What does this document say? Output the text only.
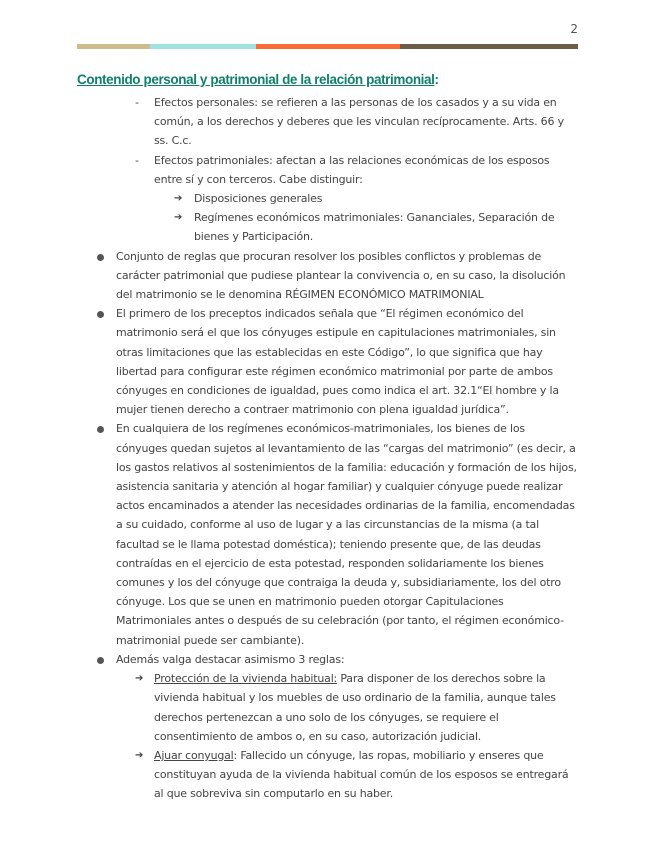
2
Contenido personal y patrimonial de la relación patrimonial:
- Efectos personales: se refieren a las personas de los casados y a su vida en común, a los derechos y deberes que les vinculan recíprocamente. Arts. 66 y ss. C.c.
- Efectos patrimoniales: afectan a las relaciones económicas de los esposos entre sí y con terceros. Cabe distinguir:
➔ Disposiciones generales
➔ Regímenes económicos matrimoniales: Gananciales, Separación de bienes y Participación.
Conjunto de reglas que procuran resolver los posibles conflictos y problemas de carácter patrimonial que pudiese plantear la convivencia o, en su caso, la disolución del matrimonio se le denomina RÉGIMEN ECONÓMICO MATRIMONIAL
El primero de los preceptos indicados señala que “El régimen económico del matrimonio será el que los cónyuges estipule en capitulaciones matrimoniales, sin otras limitaciones que las establecidas en este Código”, lo que significa que hay libertad para configurar este régimen económico matrimonial por parte de ambos cónyuges en condiciones de igualdad, pues como indica el art. 32.1“El hombre y la mujer tienen derecho a contraer matrimonio con plena igualdad jurídica”.
En cualquiera de los regímenes económicos-matrimoniales, los bienes de los cónyuges quedan sujetos al levantamiento de las “cargas del matrimonio” (es decir, a los gastos relativos al sostenimientos de la familia: educación y formación de los hijos, asistencia sanitaria y atención al hogar familiar) y cualquier cónyuge puede realizar actos encaminados a atender las necesidades ordinarias de la familia, encomendadas a su cuidado, conforme al uso de lugar y a las circunstancias de la misma (a tal facultad se le llama potestad doméstica); teniendo presente que, de las deudas contraídas en el ejercicio de esta potestad, responden solidariamente los bienes comunes y los del cónyuge que contraiga la deuda y, subsidiariamente, los del otro cónyuge. Los que se unen en matrimonio pueden otorgar Capitulaciones Matrimoniales antes o después de su celebración (por tanto, el régimen económico-matrimonial puede ser cambiante).
Además valga destacar asimismo 3 reglas:
➔ Protección de la vivienda habitual: Para disponer de los derechos sobre la vivienda habitual y los muebles de uso ordinario de la familia, aunque tales derechos pertenezcan a uno solo de los cónyuges, se requiere el consentimiento de ambos o, en su caso, autorización judicial.
➔ Ajuar conyugal: Fallecido un cónyuge, las ropas, mobiliario y enseres que constituyan ayuda de la vivienda habitual común de los esposos se entregará al que sobreviva sin computarlo en su haber.
